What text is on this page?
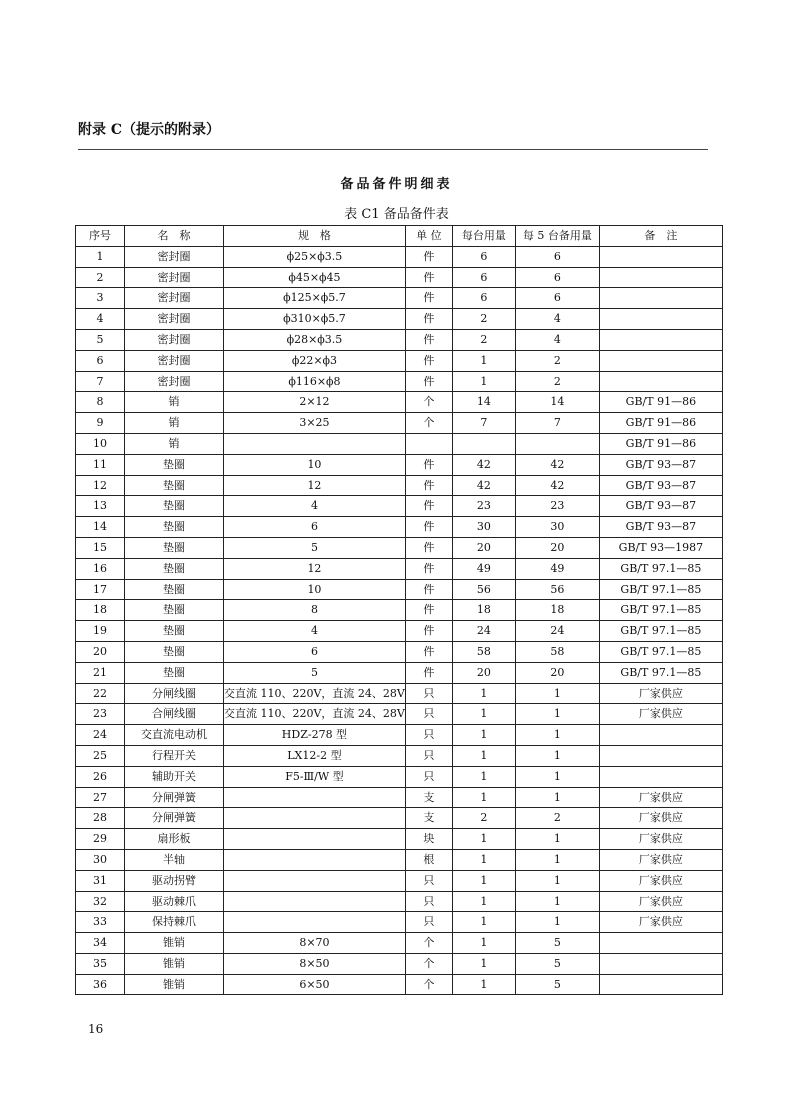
附录 C（提示的附录）
备品备件明细表
表 C1 备品备件表
序号	名　称	规　格	单 位	每台用量	每 5 台备用量	备　注
1	密封圈	ϕ25×ϕ3.5	件	6	6	
2	密封圈	ϕ45×ϕ45	件	6	6	
3	密封圈	ϕ125×ϕ5.7	件	6	6	
4	密封圈	ϕ310×ϕ5.7	件	2	4	
5	密封圈	ϕ28×ϕ3.5	件	2	4	
6	密封圈	ϕ22×ϕ3	件	1	2	
7	密封圈	ϕ116×ϕ8	件	1	2	
8	销	2×12	个	14	14	GB/T 91—86
9	销	3×25	个	7	7	GB/T 91—86
10	销					GB/T 91—86
11	垫圈	10	件	42	42	GB/T 93—87
12	垫圈	12	件	42	42	GB/T 93—87
13	垫圈	4	件	23	23	GB/T 93—87
14	垫圈	6	件	30	30	GB/T 93—87
15	垫圈	5	件	20	20	GB/T 93—1987
16	垫圈	12	件	49	49	GB/T 97.1—85
17	垫圈	10	件	56	56	GB/T 97.1—85
18	垫圈	8	件	18	18	GB/T 97.1—85
19	垫圈	4	件	24	24	GB/T 97.1—85
20	垫圈	6	件	58	58	GB/T 97.1—85
21	垫圈	5	件	20	20	GB/T 97.1—85
22	分闸线圈	交直流 110、220V，直流 24、28V	只	1	1	厂家供应
23	合闸线圈	交直流 110、220V，直流 24、28V	只	1	1	厂家供应
24	交直流电动机	HDZ-278 型	只	1	1	
25	行程开关	LX12-2 型	只	1	1	
26	辅助开关	F5-Ⅲ/W 型	只	1	1	
27	分闸弹簧		支	1	1	厂家供应
28	分闸弹簧		支	2	2	厂家供应
29	扇形板		块	1	1	厂家供应
30	半轴		根	1	1	厂家供应
31	驱动拐臂		只	1	1	厂家供应
32	驱动棘爪		只	1	1	厂家供应
33	保持棘爪		只	1	1	厂家供应
34	锥销	8×70	个	1	5	
35	锥销	8×50	个	1	5	
36	锥销	6×50	个	1	5	
16
